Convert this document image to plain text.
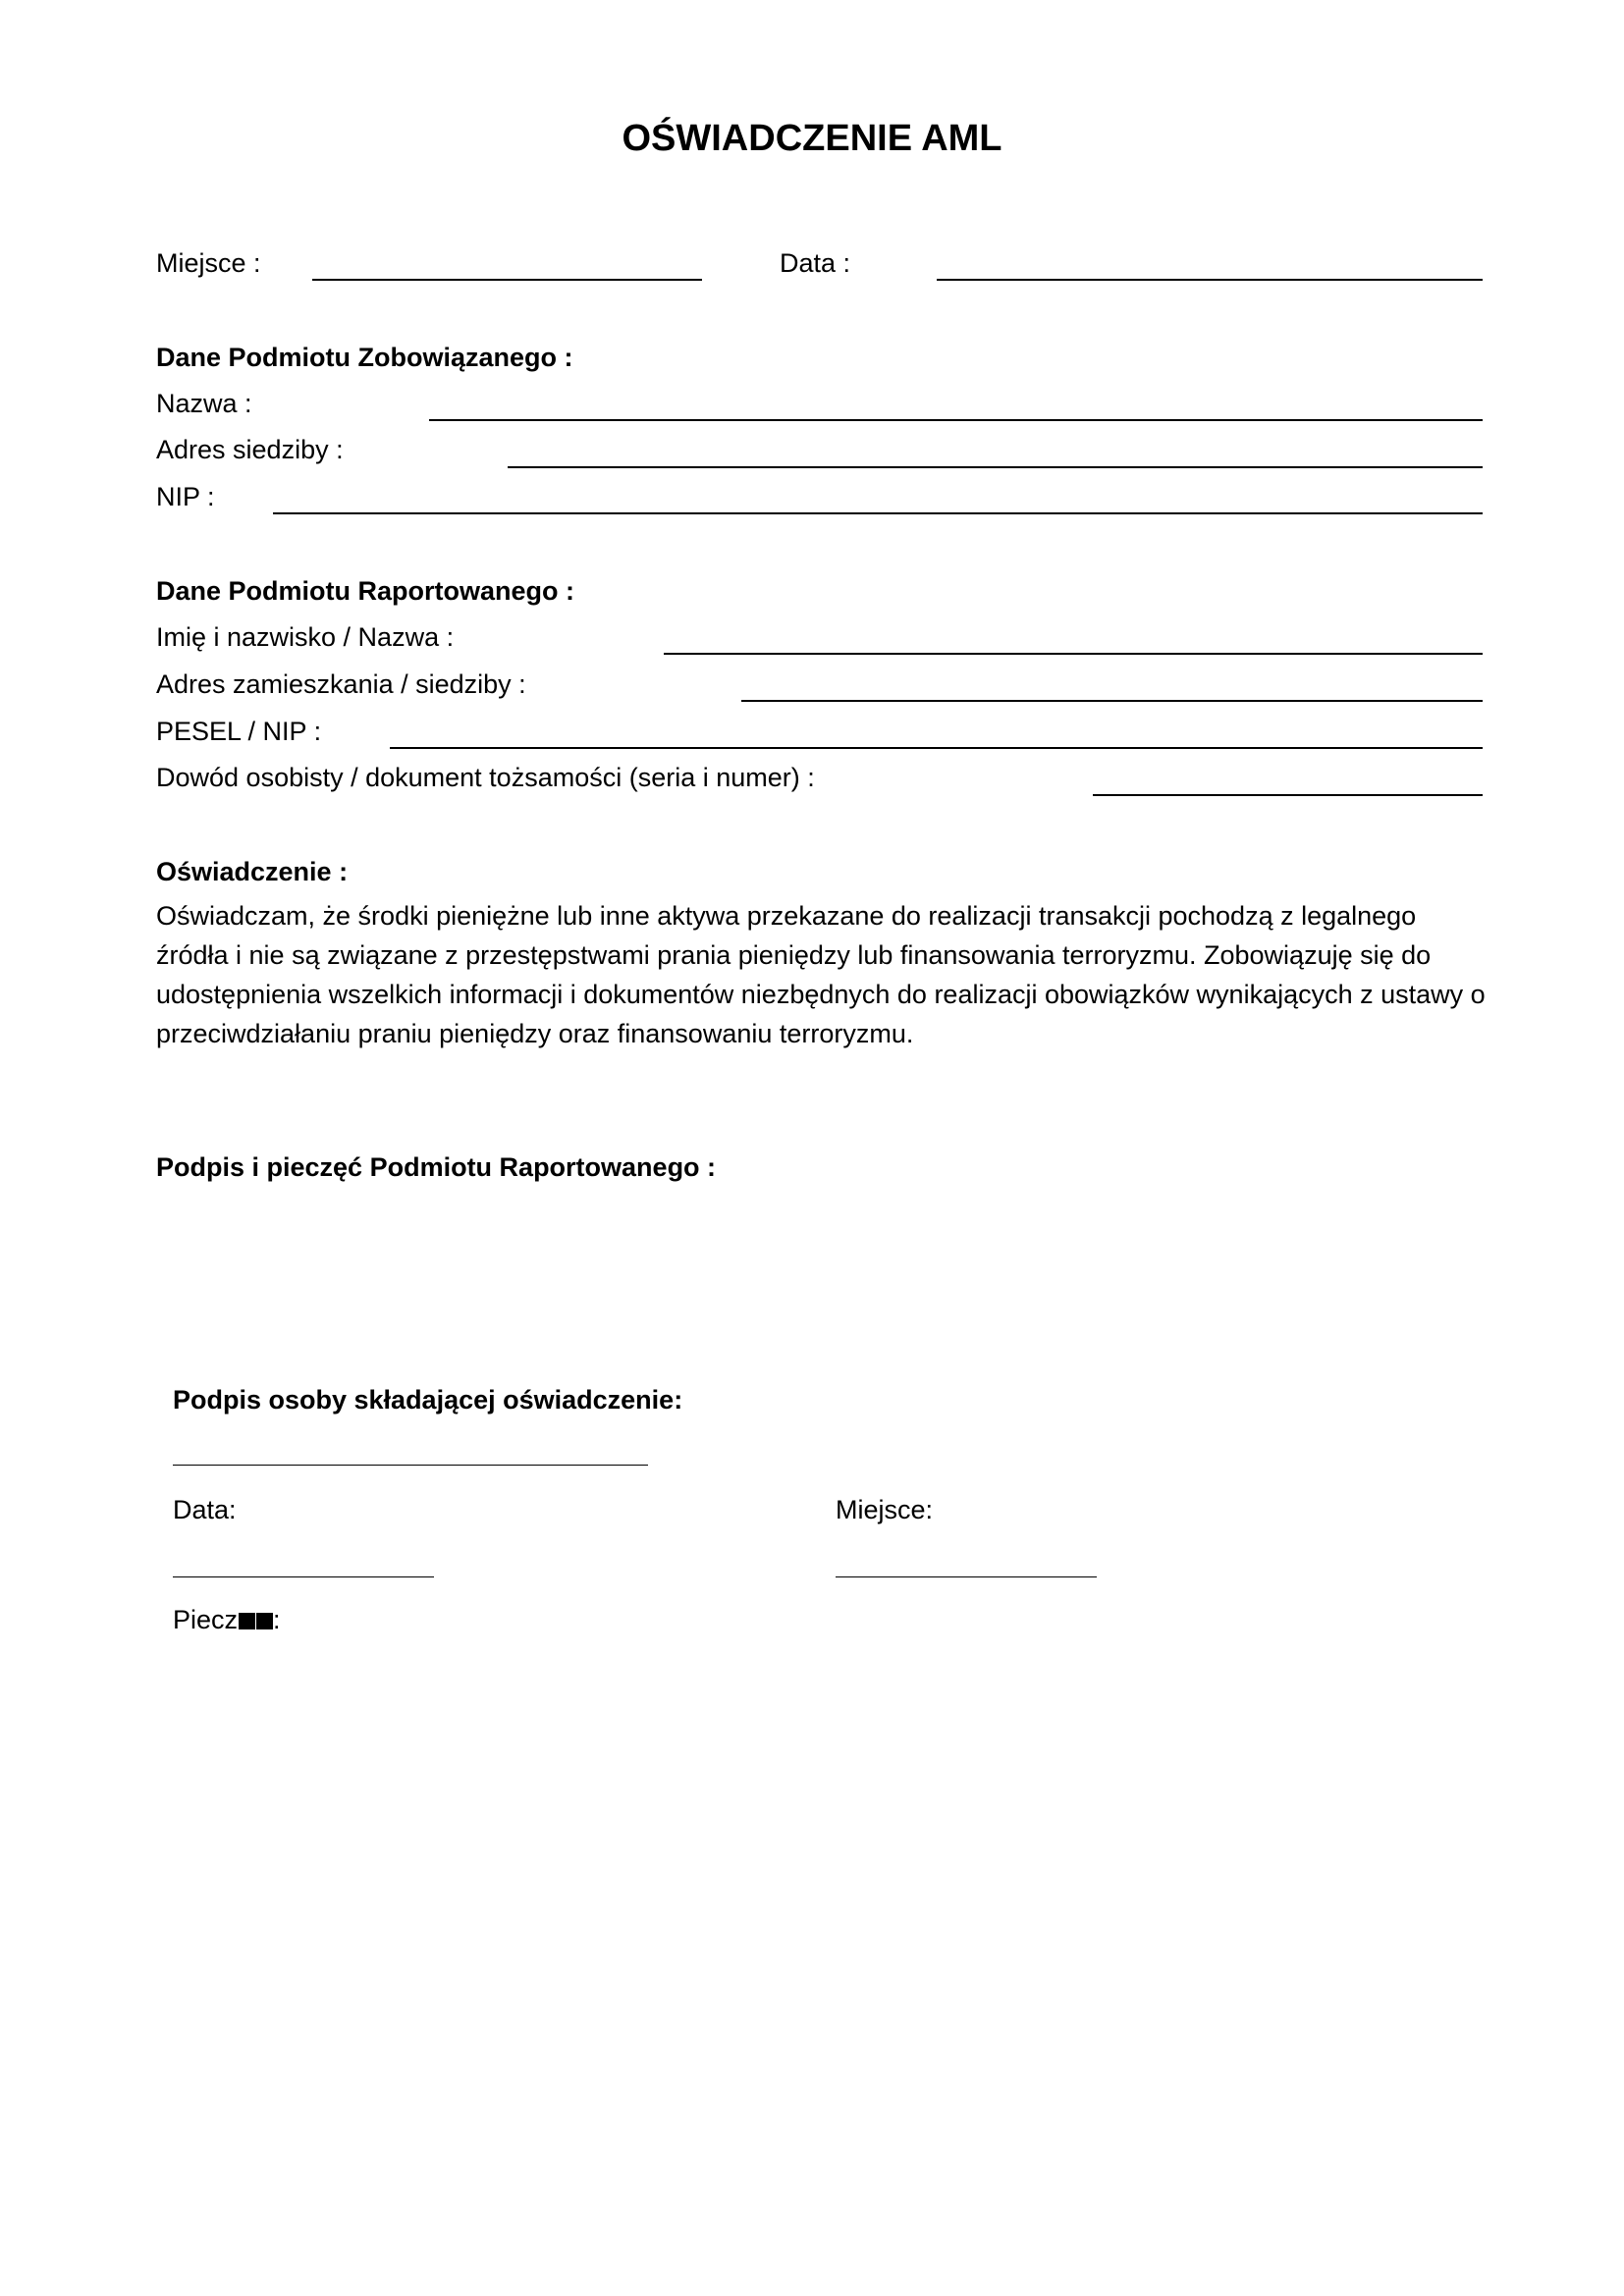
OŚWIADCZENIE AML
Miejsce :	Data :
Dane Podmiotu Zobowiązanego :
Nazwa :
Adres siedziby :
NIP :
Dane Podmiotu Raportowanego :
Imię i nazwisko / Nazwa :
Adres zamieszkania / siedziby :
PESEL / NIP :
Dowód osobisty / dokument tożsamości (seria i numer) :
Oświadczenie :
Oświadczam, że środki pieniężne lub inne aktywa przekazane do realizacji transakcji pochodzą z legalnego źródła i nie są związane z przestępstwami prania pieniędzy lub finansowania terroryzmu. Zobowiązuję się do udostępnienia wszelkich informacji i dokumentów niezbędnych do realizacji obowiązków wynikających z ustawy o przeciwdziałaniu praniu pieniędzy oraz finansowaniu terroryzmu.
Podpis i pieczęć Podmiotu Raportowanego :
Podpis osoby składającej oświadczenie:
Data:	Miejsce:
Piecz :
